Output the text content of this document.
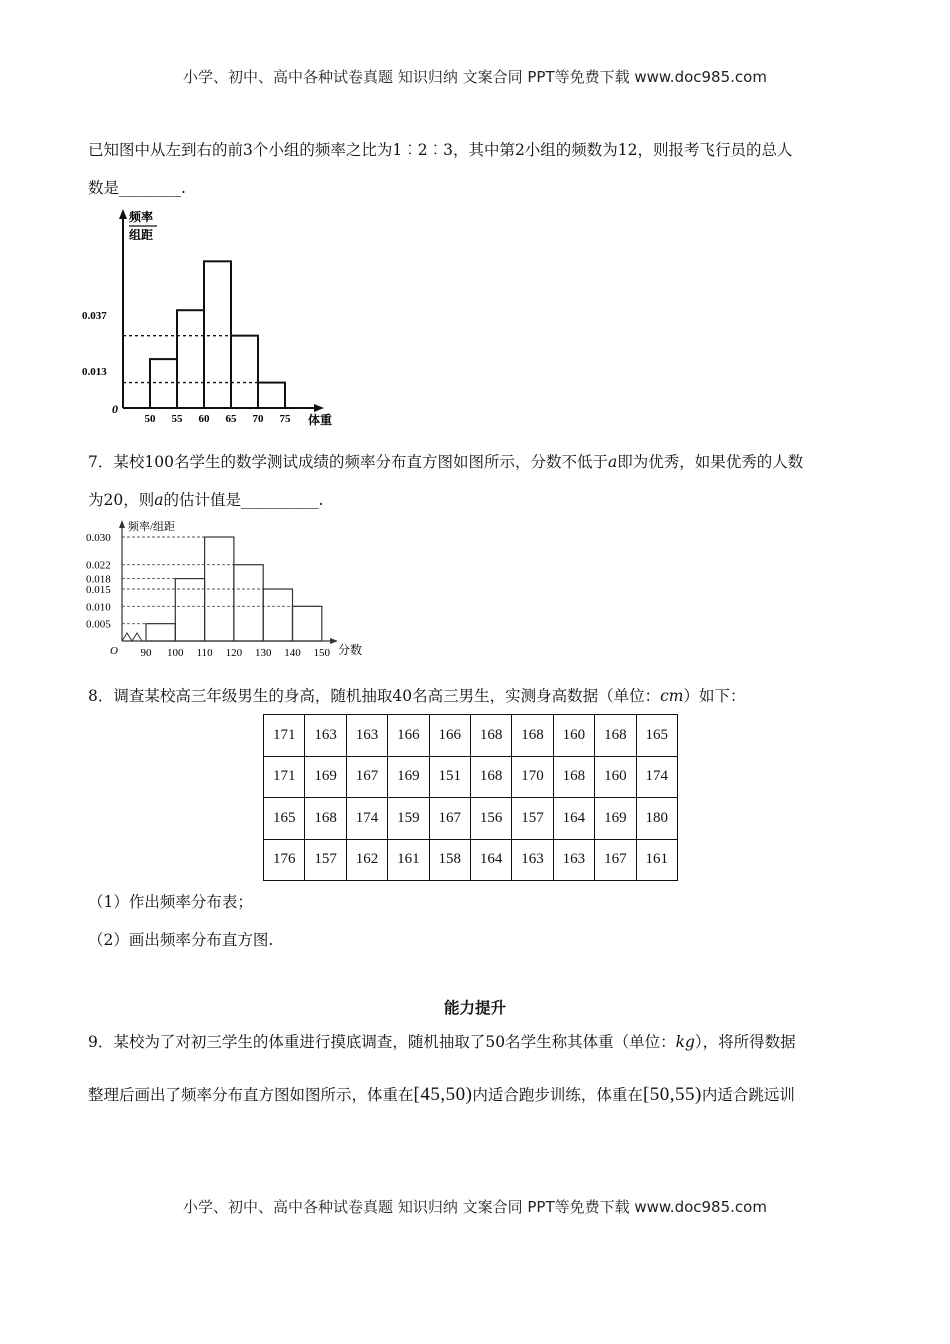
小学、初中、高中各种试卷真题 知识归纳 文案合同 PPT等免费下载 www.doc985.com
已知图中从左到右的前3个小组的频率之比为1︰2︰3，其中第2小组的频数为12，则报考飞行员的总人
数是________.
频率
组距
0
0.037
0.013
50 55 60 65 70 75 体重
7．某校100名学生的数学测试成绩的频率分布直方图如图所示，分数不低于a即为优秀，如果优秀的人数
为20，则a的估计值是__________.
频率/组距
O	分数
0.030
0.022
0.018
0.015
0.010
0.005
90 100 110 120 130 140 150
8．调查某校高三年级男生的身高，随机抽取40名高三男生，实测身高数据（单位：cm）如下：
171	163	163	166	166	168	168	160	168	165
171	169	167	169	151	168	170	168	160	174
165	168	174	159	167	156	157	164	169	180
176	157	162	161	158	164	163	163	167	161
（1）作出频率分布表；
（2）画出频率分布直方图.
能力提升
9．某校为了对初三学生的体重进行摸底调查，随机抽取了50名学生称其体重（单位：kg），将所得数据
整理后画出了频率分布直方图如图所示，体重在[45,50)内适合跑步训练，体重在[50,55)内适合跳远训
小学、初中、高中各种试卷真题 知识归纳 文案合同 PPT等免费下载 www.doc985.com
